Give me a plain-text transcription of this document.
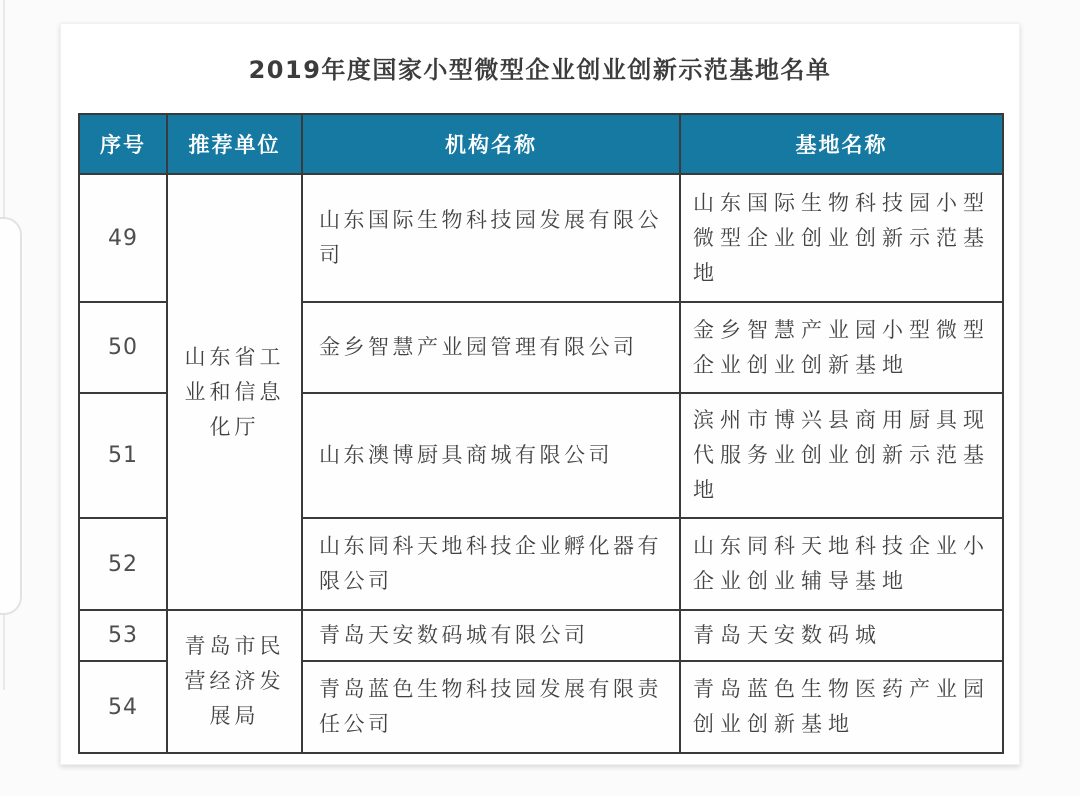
2019年度国家小型微型企业创业创新示范基地名单
序号	推荐单位	机构名称	基地名称
49	山东省工业和信息化厅	山东国际生物科技园发展有限公司	山东国际生物科技园小型微型企业创业创新示范基地
50		金乡智慧产业园管理有限公司	金乡智慧产业园小型微型企业创业创新基地
51		山东澳博厨具商城有限公司	滨州市博兴县商用厨具现代服务业创业创新示范基地
52		山东同科天地科技企业孵化器有限公司	山东同科天地科技企业小企业创业辅导基地
53	青岛市民营经济发展局	青岛天安数码城有限公司	青岛天安数码城
54		青岛蓝色生物科技园发展有限责任公司	青岛蓝色生物医药产业园创业创新基地
